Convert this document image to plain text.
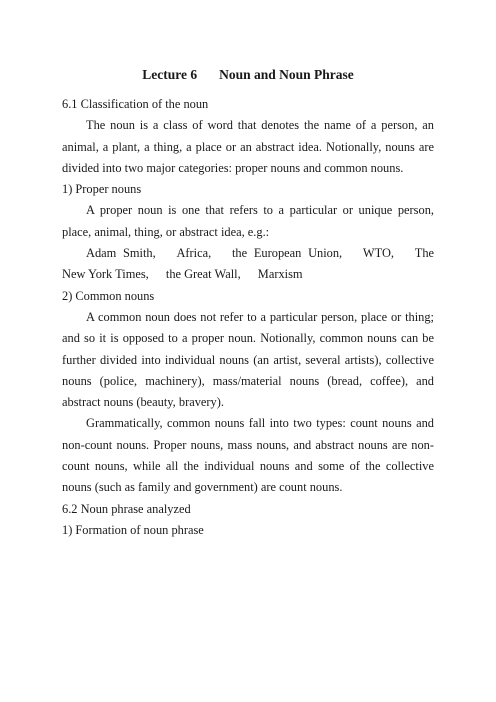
Lecture 6 Noun and Noun Phrase

6.1 Classification of the noun

The noun is a class of word that denotes the name of a person, an animal, a plant, a thing, a place or an abstract idea. Notionally, nouns are divided into two major categories: proper nouns and common nouns.

1) Proper nouns

A proper noun is one that refers to a particular or unique person, place, animal, thing, or abstract idea, e.g.:

Adam Smith, Africa, the European Union, WTO, The New York Times, the Great Wall, Marxism

2) Common nouns

A common noun does not refer to a particular person, place or thing; and so it is opposed to a proper noun. Notionally, common nouns can be further divided into individual nouns (an artist, several artists), collective nouns (police, machinery), mass/material nouns (bread, coffee), and abstract nouns (beauty, bravery).

Grammatically, common nouns fall into two types: count nouns and non-count nouns. Proper nouns, mass nouns, and abstract nouns are non-count nouns, while all the individual nouns and some of the collective nouns (such as family and government) are count nouns.

6.2 Noun phrase analyzed

1) Formation of noun phrase
